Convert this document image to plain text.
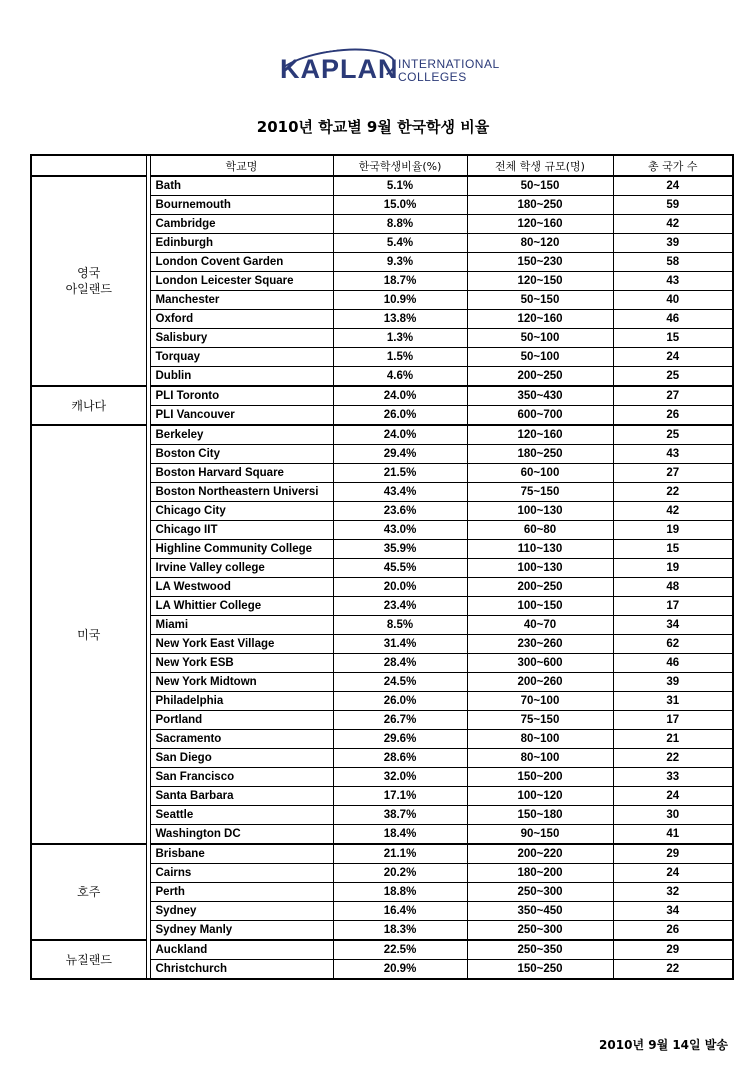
KAPLAN INTERNATIONAL
COLLEGES
2010년 학교별 9월 한국학생 비율
		학교명	한국학생비율(%)	전체 학생 규모(명)	총 국가 수
영국
아일랜드		Bath	5.1%	50~150	24
		Bournemouth	15.0%	180~250	59
		Cambridge	8.8%	120~160	42
		Edinburgh	5.4%	80~120	39
		London Covent Garden	9.3%	150~230	58
		London Leicester Square	18.7%	120~150	43
		Manchester	10.9%	50~150	40
		Oxford	13.8%	120~160	46
		Salisbury	1.3%	50~100	15
		Torquay	1.5%	50~100	24
		Dublin	4.6%	200~250	25
캐나다		PLI Toronto	24.0%	350~430	27
		PLI Vancouver	26.0%	600~700	26
미국		Berkeley	24.0%	120~160	25
		Boston City	29.4%	180~250	43
		Boston Harvard Square	21.5%	60~100	27
		Boston Northeastern Universi	43.4%	75~150	22
		Chicago City	23.6%	100~130	42
		Chicago IIT	43.0%	60~80	19
		Highline Community College	35.9%	110~130	15
		Irvine Valley college	45.5%	100~130	19
		LA Westwood	20.0%	200~250	48
		LA Whittier College	23.4%	100~150	17
		Miami	8.5%	40~70	34
		New York East Village	31.4%	230~260	62
		New York ESB	28.4%	300~600	46
		New York Midtown	24.5%	200~260	39
		Philadelphia	26.0%	70~100	31
		Portland	26.7%	75~150	17
		Sacramento	29.6%	80~100	21
		San Diego	28.6%	80~100	22
		San Francisco	32.0%	150~200	33
		Santa Barbara	17.1%	100~120	24
		Seattle	38.7%	150~180	30
		Washington DC	18.4%	90~150	41
호주		Brisbane	21.1%	200~220	29
		Cairns	20.2%	180~200	24
		Perth	18.8%	250~300	32
		Sydney	16.4%	350~450	34
		Sydney Manly	18.3%	250~300	26
뉴질랜드		Auckland	22.5%	250~350	29
		Christchurch	20.9%	150~250	22
2010년 9월 14일 발송
